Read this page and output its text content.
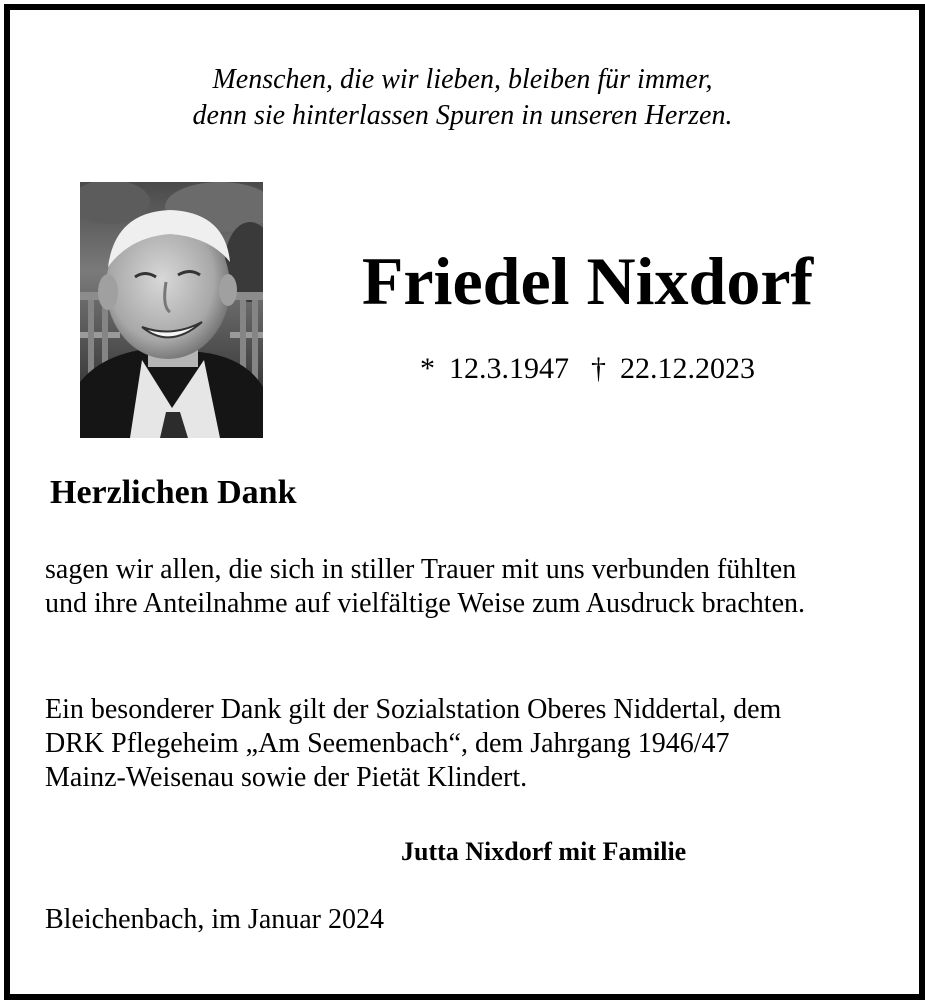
Menschen, die wir lieben, bleiben für immer,
denn sie hinterlassen Spuren in unseren Herzen.
Friedel Nixdorf
* 12.3.1947 † 22.12.2023
Herzlichen Dank
sagen wir allen, die sich in stiller Trauer mit uns verbunden fühlten
und ihre Anteilnahme auf vielfältige Weise zum Ausdruck brachten.
Ein besonderer Dank gilt der Sozialstation Oberes Niddertal, dem
DRK Pflegeheim „Am Seemenbach“, dem Jahrgang 1946/47
Mainz-Weisenau sowie der Pietät Klindert.
Jutta Nixdorf mit Familie
Bleichenbach, im Januar 2024
